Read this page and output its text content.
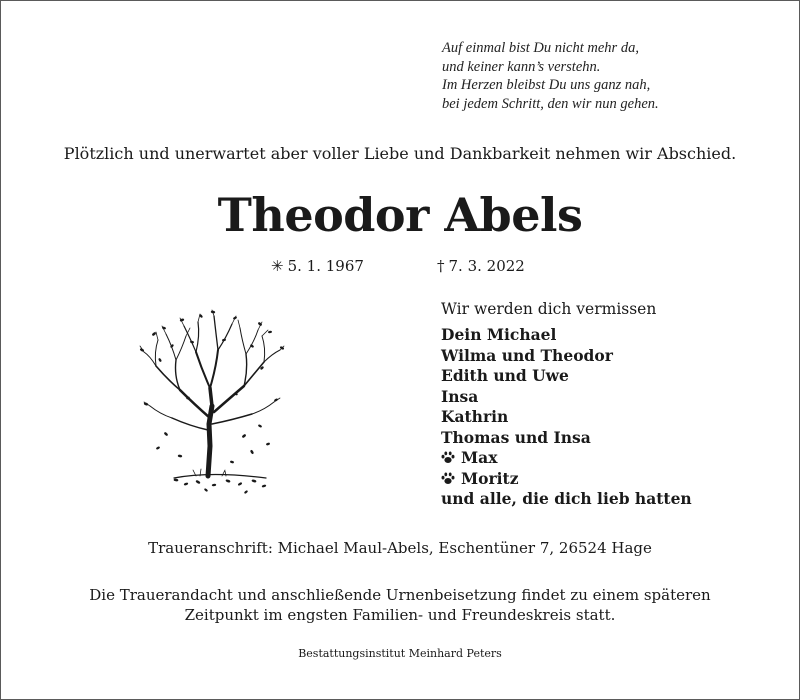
Auf einmal bist Du nicht mehr da,
und keiner kann’s verstehn.
Im Herzen bleibst Du uns ganz nah,
bei jedem Schritt, den wir nun gehen.
Plötzlich und unerwartet aber voller Liebe und Dankbarkeit nehmen wir Abschied.
Theodor Abels
✳ 5. 1. 1967	† 7. 3. 2022
Wir werden dich vermissen
Dein Michael
Wilma und Theodor
Edith und Uwe
Insa
Kathrin
Thomas und Insa
Max
Moritz
und alle, die dich lieb hatten
Traueranschrift: Michael Maul-Abels, Eschentüner 7, 26524 Hage
Die Trauerandacht und anschließende Urnenbeisetzung findet zu einem späteren
Zeitpunkt im engsten Familien- und Freundeskreis statt.
Bestattungsinstitut Meinhard Peters
